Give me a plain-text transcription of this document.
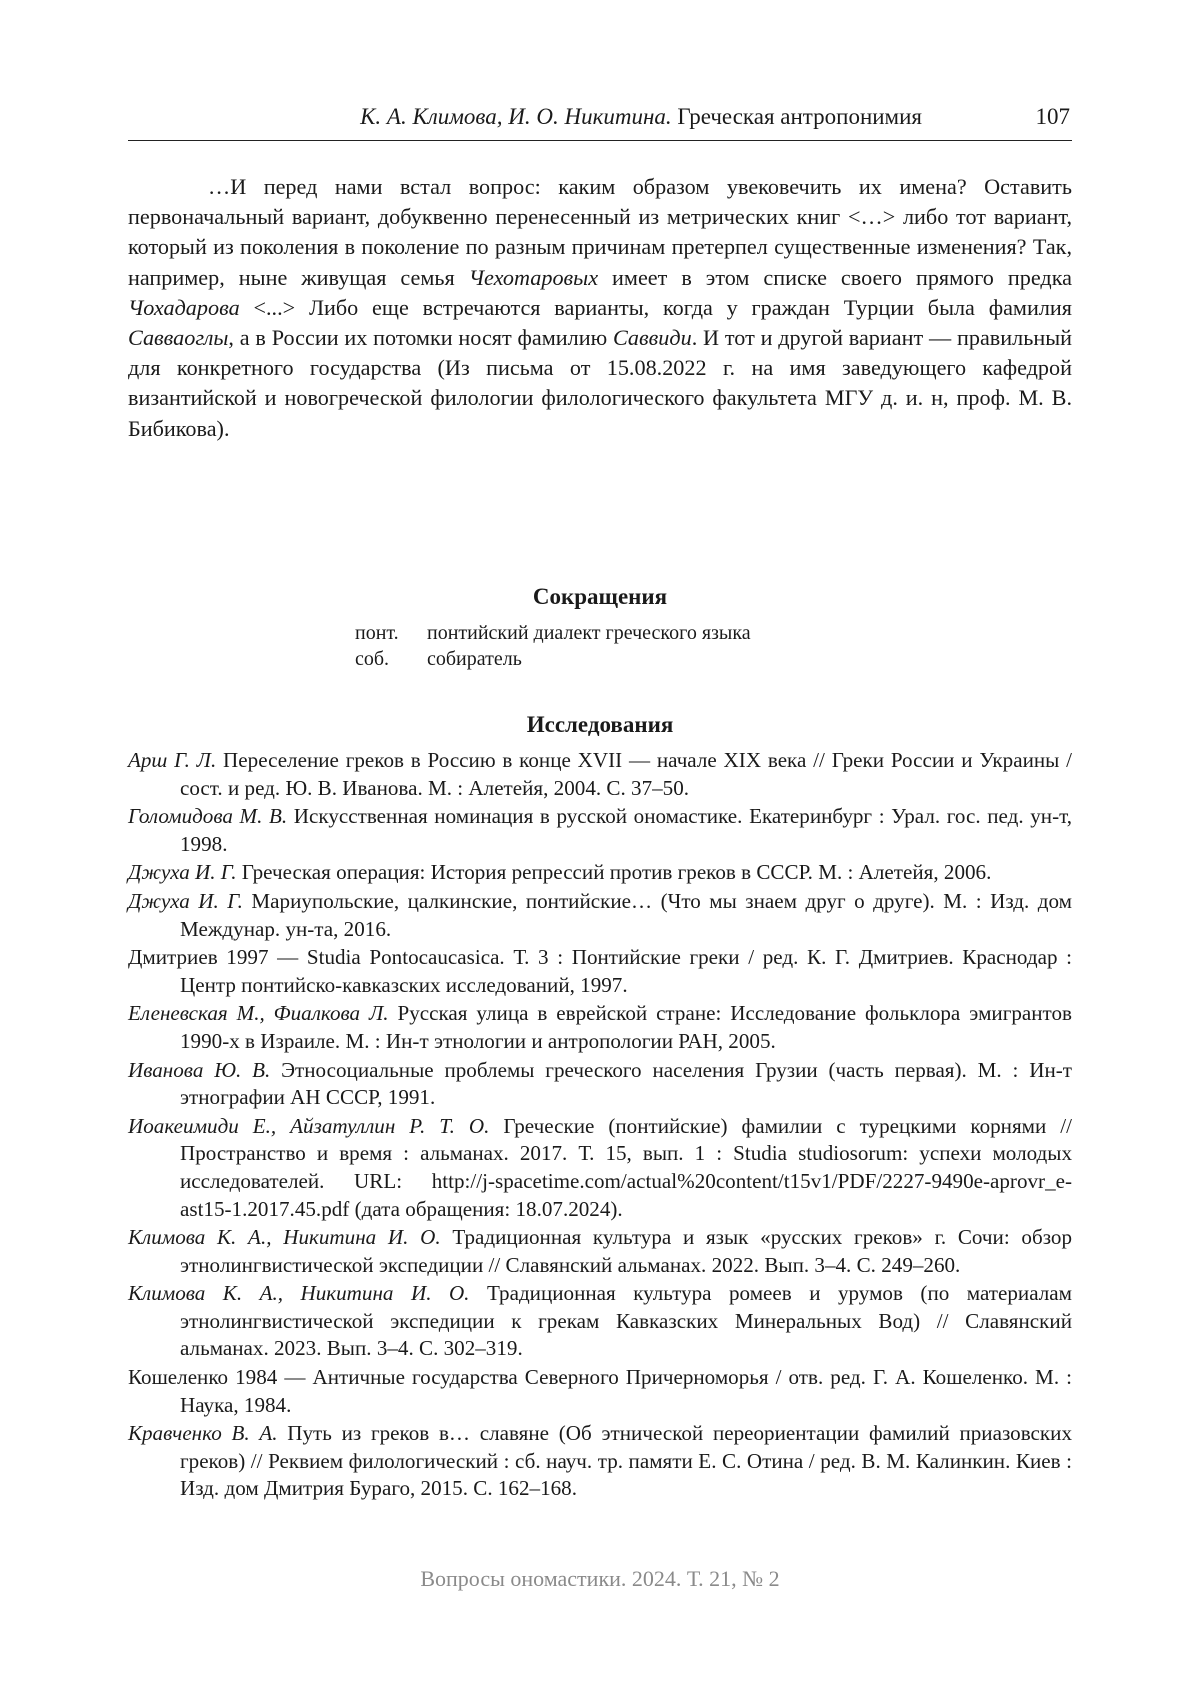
К. А. Климова, И. О. Никитина. Греческая антропонимия	107
…И перед нами встал вопрос: каким образом увековечить их имена? Оставить первоначальный вариант, добуквенно перенесенный из метрических книг <…> либо тот вариант, который из поколения в поколение по разным причинам претерпел существенные изменения? Так, например, ныне живущая семья Чехотаровых имеет в этом списке своего прямого предка Чохадарова <...> Либо еще встречаются варианты, когда у граждан Турции была фамилия Савваоглы, а в России их потомки носят фамилию Саввиди. И тот и другой вариант — правильный для конкретного государства (Из письма от 15.08.2022 г. на имя заведующего кафедрой византийской и новогреческой филологии филологического факультета МГУ д. и. н, проф. М. В. Бибикова).
Сокращения
понт.	понтийский диалект греческого языка
соб.	собиратель
Исследования
Арш Г. Л. Переселение греков в Россию в конце XVII — начале XIX века // Греки России и Украины / сост. и ред. Ю. В. Иванова. М. : Алетейя, 2004. С. 37–50.
Голомидова М. В. Искусственная номинация в русской ономастике. Екатеринбург : Урал. гос. пед. ун-т, 1998.
Джуха И. Г. Греческая операция: История репрессий против греков в СССР. М. : Алетейя, 2006.
Джуха И. Г. Мариупольские, цалкинские, понтийские… (Что мы знаем друг о друге). М. : Изд. дом Междунар. ун-та, 2016.
Дмитриев 1997 — Studia Pontocaucasica. Т. 3 : Понтийские греки / ред. К. Г. Дмитриев. Краснодар : Центр понтийско-кавказских исследований, 1997.
Еленевская М., Фиалкова Л. Русская улица в еврейской стране: Исследование фольклора эмигрантов 1990-х в Израиле. М. : Ин-т этнологии и антропологии РАН, 2005.
Иванова Ю. В. Этносоциальные проблемы греческого населения Грузии (часть первая). М. : Ин-т этнографии АН СССР, 1991.
Иоакеимиди Е., Айзатуллин Р. Т. О. Греческие (понтийские) фамилии с турецкими корнями // Пространство и время : альманах. 2017. Т. 15, вып. 1 : Studia studiosorum: успехи молодых исследователей. URL: http://j-spacetime.com/actual%20content/t15v1/PDF/2227-9490e-aprovr_e-ast15-1.2017.45.pdf (дата обращения: 18.07.2024).
Климова К. А., Никитина И. О. Традиционная культура и язык «русских греков» г. Сочи: обзор этнолингвистической экспедиции // Славянский альманах. 2022. Вып. 3–4. С. 249–260.
Климова К. А., Никитина И. О. Традиционная культура ромеев и урумов (по материалам этнолингвистической экспедиции к грекам Кавказских Минеральных Вод) // Славянский альманах. 2023. Вып. 3–4. С. 302–319.
Кошеленко 1984 — Античные государства Северного Причерноморья / отв. ред. Г. А. Кошеленко. М. : Наука, 1984.
Кравченко В. А. Путь из греков в… славяне (Об этнической переориентации фамилий приазовских греков) // Реквием филологический : сб. науч. тр. памяти Е. С. Отина / ред. В. М. Калинкин. Киев : Изд. дом Дмитрия Бураго, 2015. С. 162–168.
Вопросы ономастики. 2024. Т. 21, № 2
